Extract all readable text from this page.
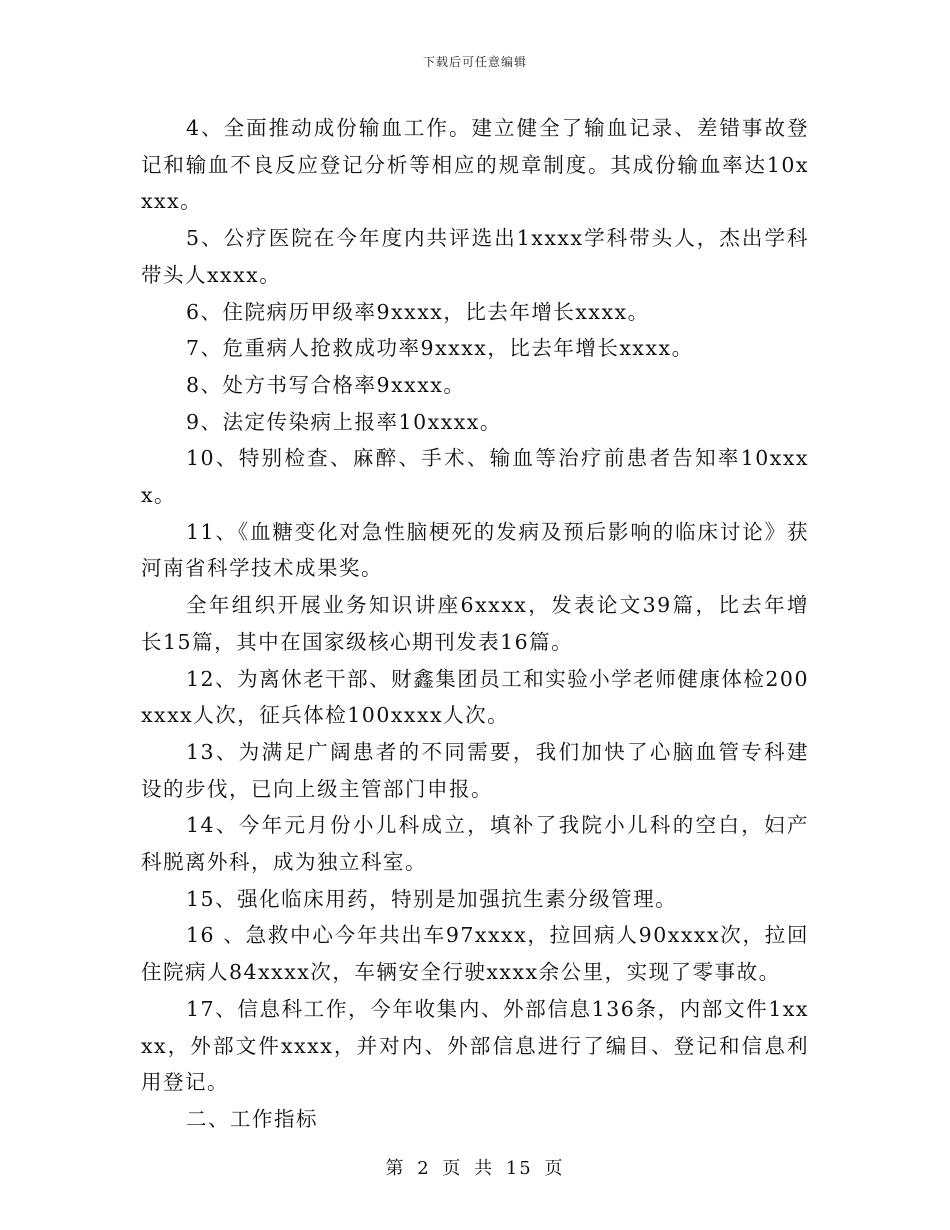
下载后可任意编辑

4、全面推动成份输血工作。建立健全了输血记录、差错事故登记和输血不良反应登记分析等相应的规章制度。其成份输血率达10xxxx。

5、公疗医院在今年度内共评选出1xxxx学科带头人，杰出学科带头人xxxx。

6、住院病历甲级率9xxxx，比去年增长xxxx。

7、危重病人抢救成功率9xxxx，比去年增长xxxx。

8、处方书写合格率9xxxx。

9、法定传染病上报率10xxxx。

10、特别检查、麻醉、手术、输血等治疗前患者告知率10xxxx。

11、《血糖变化对急性脑梗死的发病及预后影响的临床讨论》获河南省科学技术成果奖。

全年组织开展业务知识讲座6xxxx，发表论文39篇，比去年增长15篇，其中在国家级核心期刊发表16篇。

12、为离休老干部、财鑫集团员工和实验小学老师健康体检200xxxx人次，征兵体检100xxxx人次。

13、为满足广阔患者的不同需要，我们加快了心脑血管专科建设的步伐，已向上级主管部门申报。

14、今年元月份小儿科成立，填补了我院小儿科的空白，妇产科脱离外科，成为独立科室。

15、强化临床用药，特别是加强抗生素分级管理。

16 、急救中心今年共出车97xxxx，拉回病人90xxxx次，拉回住院病人84xxxx次，车辆安全行驶xxxx余公里，实现了零事故。

17、信息科工作，今年收集内、外部信息136条，内部文件1xxxx，外部文件xxxx，并对内、外部信息进行了编目、登记和信息利用登记。

二、工作指标

第 2 页 共 15 页
